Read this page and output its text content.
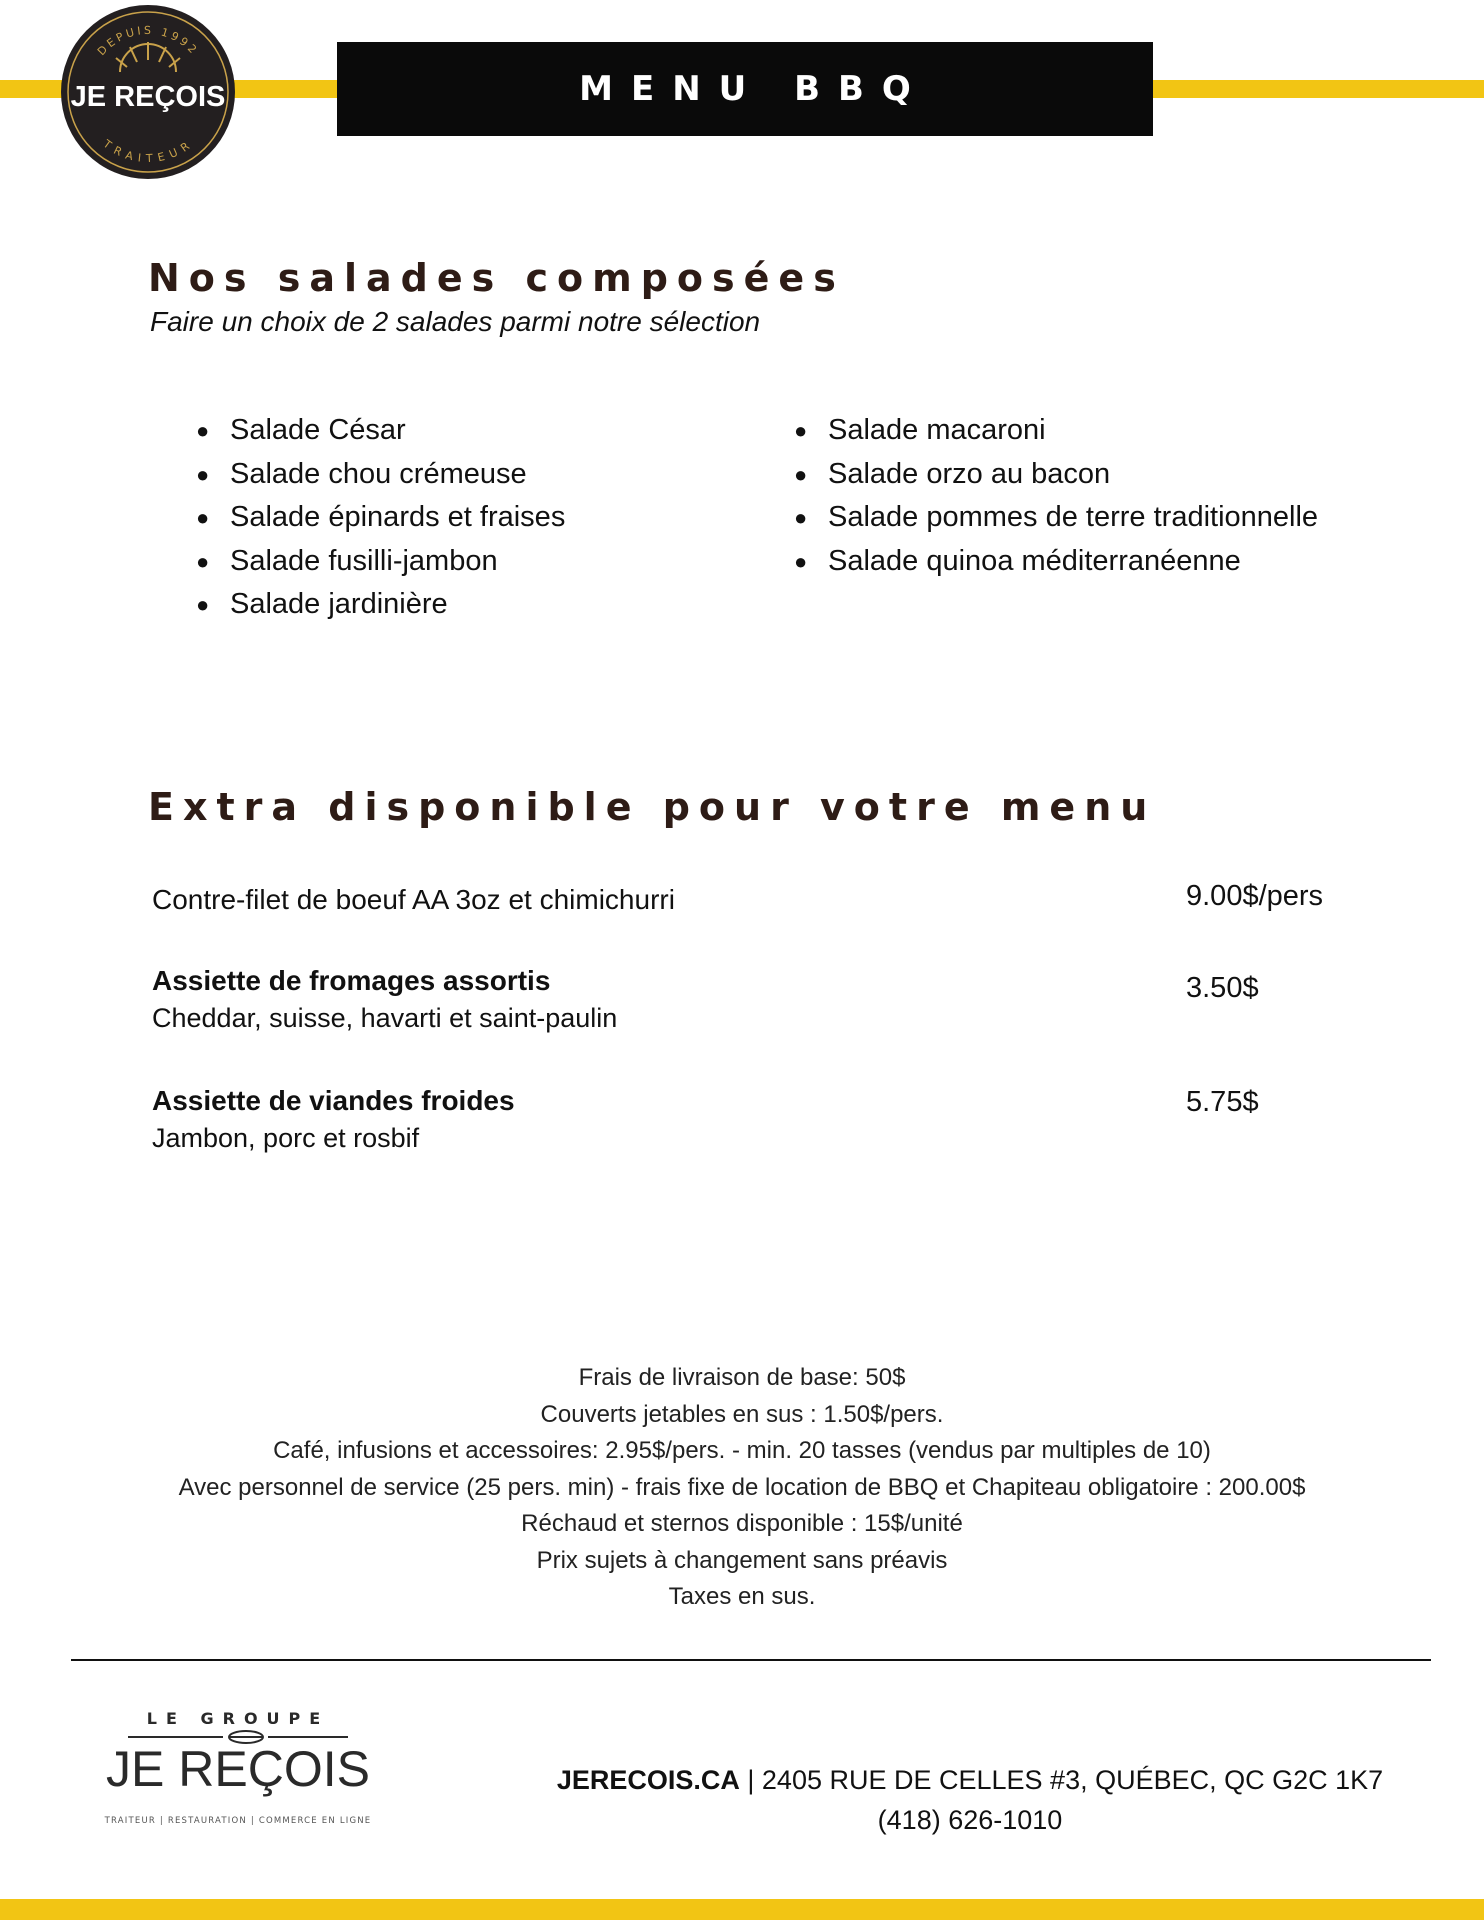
MENU BBQ
DEPUIS 1992
JE REÇOIS
TRAITEUR
Nos salades composées

Faire un choix de 2 salades parmi notre sélection

● Salade César
● Salade chou crémeuse
● Salade épinards et fraises
● Salade fusilli-jambon
● Salade jardinière
● Salade macaroni
● Salade orzo au bacon
● Salade pommes de terre traditionnelle
● Salade quinoa méditerranéenne
Extra disponible pour votre menu

Contre-filet de boeuf AA 3oz et chimichurri	9.00$/pers

Assiette de fromages assortis

Cheddar, suisse, havarti et saint-paulin

3.50$

Assiette de viandes froides

Jambon, porc et rosbif

5.75$
Frais de livraison de base: 50$
Couverts jetables en sus : 1.50$/pers.
Café, infusions et accessoires: 2.95$/pers. - min. 20 tasses (vendus par multiples de 10)
Avec personnel de service (25 pers. min) - frais fixe de location de BBQ et Chapiteau obligatoire : 200.00$
Réchaud et sternos disponible : 15$/unité
Prix sujets à changement sans préavis
Taxes en sus.
LE GROUPE
JE REÇOIS
TRAITEUR | RESTAURATION | COMMERCE EN LIGNE
JERECOIS.CA | 2405 RUE DE CELLES #3, QUÉBEC, QC G2C 1K7
(418) 626-1010
